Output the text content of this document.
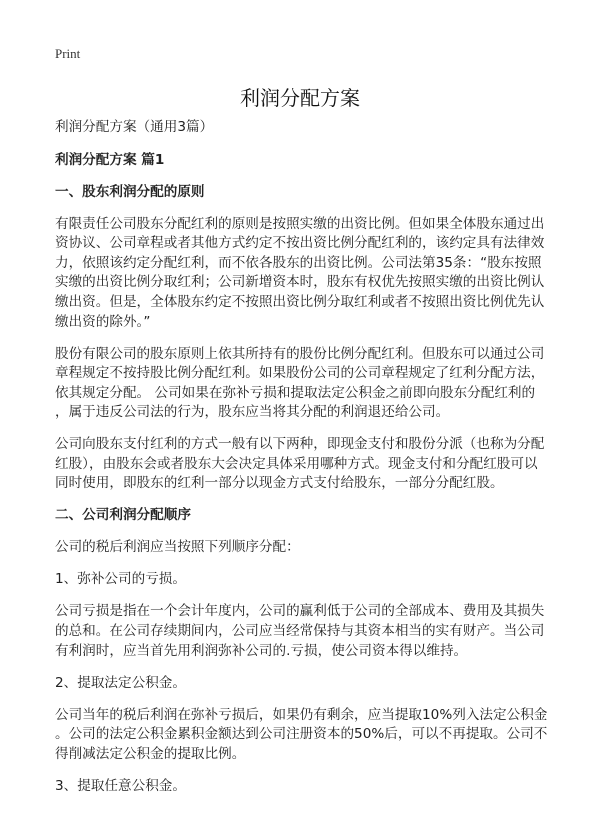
Print
利润分配方案

利润分配方案（通用3篇）

利润分配方案 篇1

一、股东利润分配的原则

有限责任公司股东分配红利的原则是按照实缴的出资比例。但如果全体股东通过出
资协议、公司章程或者其他方式约定不按出资比例分配红利的，该约定具有法律效
力，依照该约定分配红利，而不依各股东的出资比例。公司法第35条：“股东按照
实缴的出资比例分取红利；公司新增资本时，股东有权优先按照实缴的出资比例认
缴出资。但是，全体股东约定不按照出资比例分取红利或者不按照出资比例优先认
缴出资的除外。”

股份有限公司的股东原则上依其所持有的股份比例分配红利。但股东可以通过公司
章程规定不按持股比例分配红利。如果股份公司的公司章程规定了红利分配方法，
依其规定分配。 公司如果在弥补亏损和提取法定公积金之前即向股东分配红利的
，属于违反公司法的行为，股东应当将其分配的利润退还给公司。

公司向股东支付红利的方式一般有以下两种，即现金支付和股份分派（也称为分配
红股），由股东会或者股东大会决定具体采用哪种方式。现金支付和分配红股可以
同时使用，即股东的红利一部分以现金方式支付给股东，一部分分配红股。

二、公司利润分配顺序

公司的税后利润应当按照下列顺序分配：

1、弥补公司的亏损。

公司亏损是指在一个会计年度内，公司的赢利低于公司的全部成本、费用及其损失
的总和。在公司存续期间内，公司应当经常保持与其资本相当的实有财产。当公司
有利润时，应当首先用利润弥补公司的.亏损，使公司资本得以维持。

2、提取法定公积金。

公司当年的税后利润在弥补亏损后，如果仍有剩余，应当提取10%列入法定公积金
。公司的法定公积金累积金额达到公司注册资本的50%后，可以不再提取。公司不
得削减法定公积金的提取比例。

3、提取任意公积金。
